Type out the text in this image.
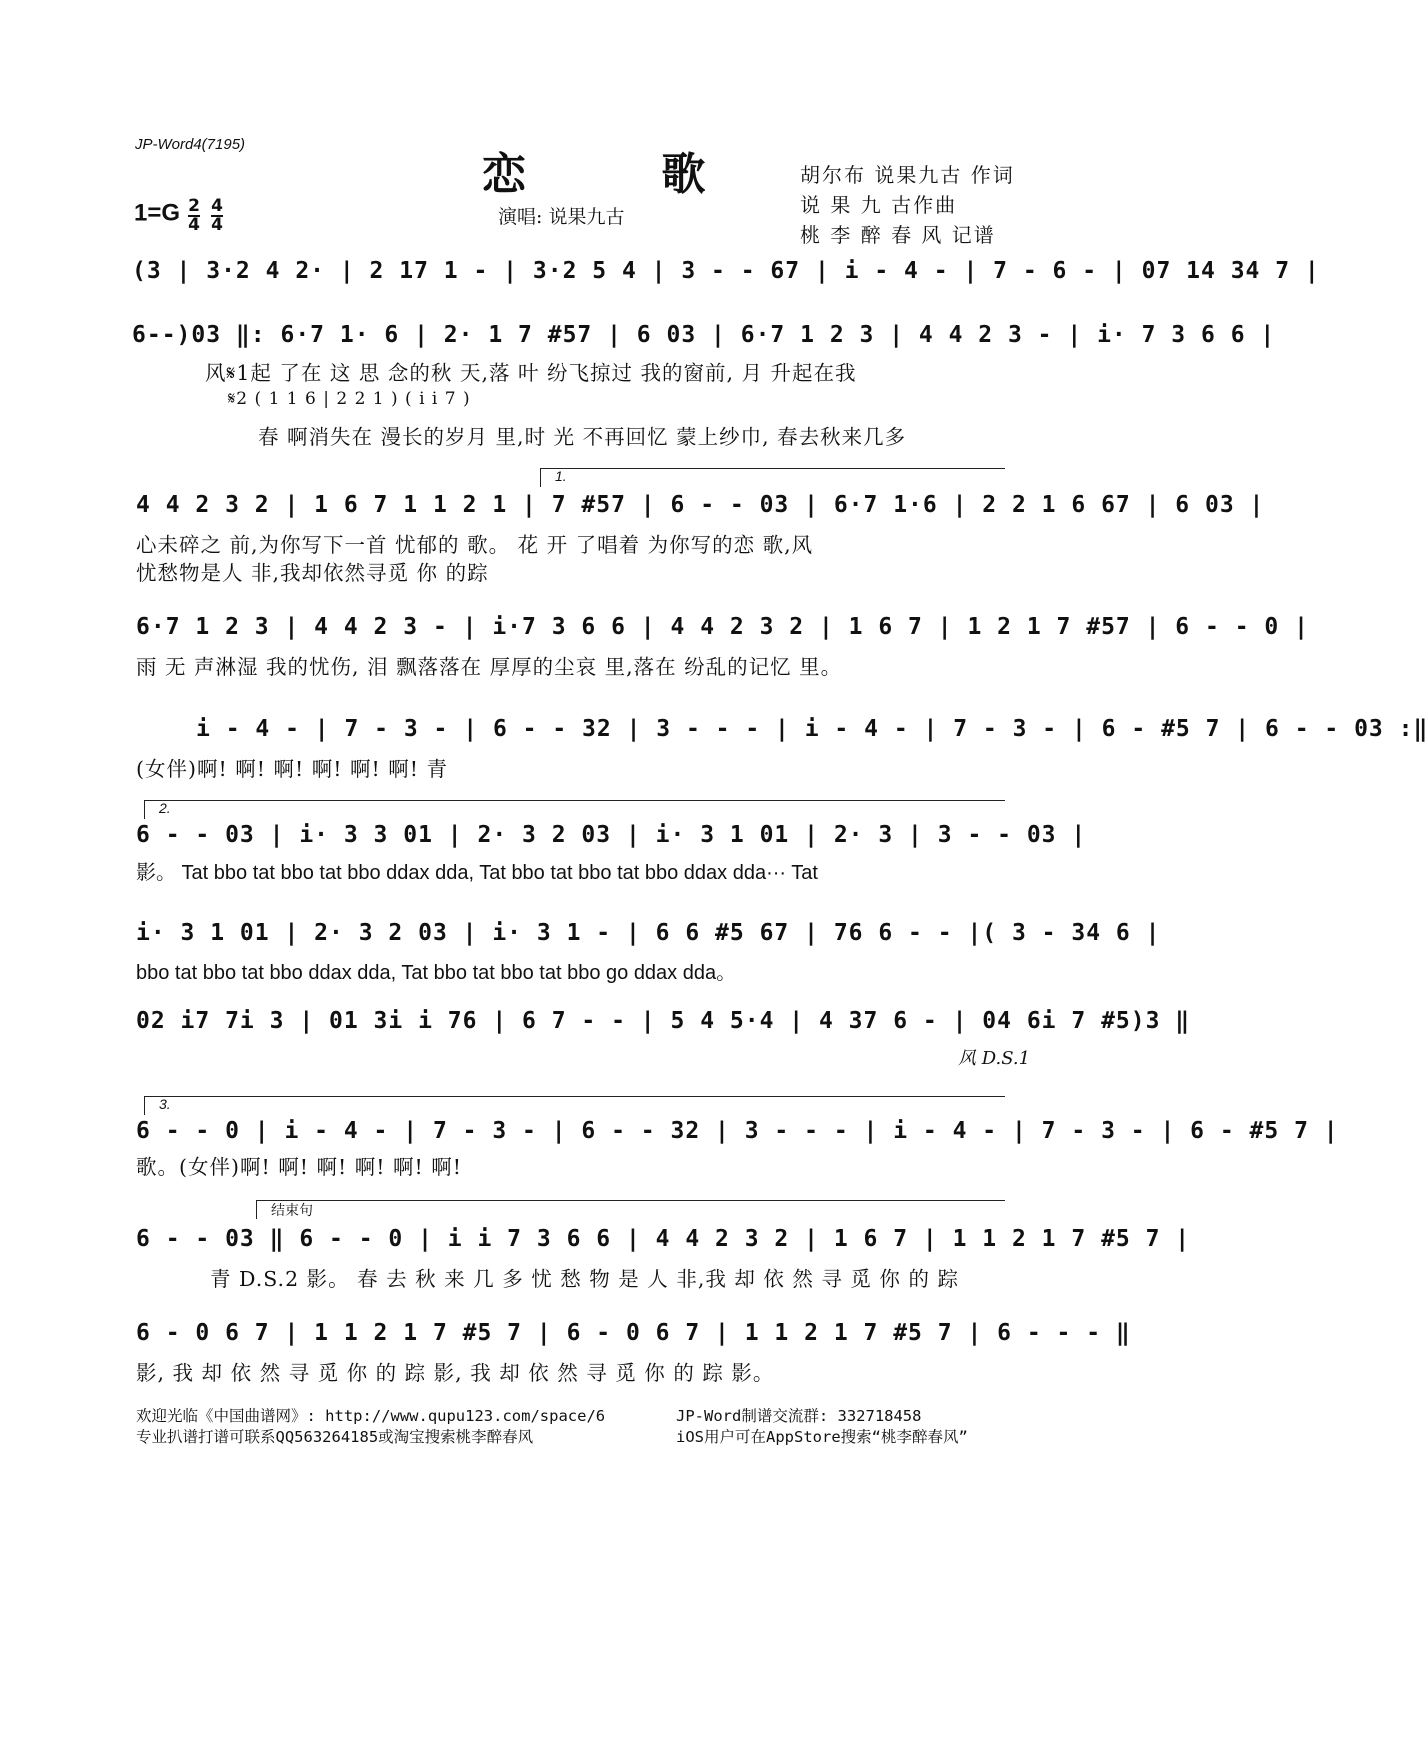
JP-Word4(7195)
恋 歌
$1=G \frac{2}{4} \frac{4}{4}$	演唱: 说果九古
胡尔布 说果九古 作词
说 果 九 古作曲
桃 李 醉 春 风 记谱
(3 | 3·2 4 2· | 2 17 1 - | 3·2 5 4 | 3 - - 67 | i - 4 - | 7 - 6 - | 07 14 34 7 |
6--)03 ‖: 6·7 1· 6 | 2· 1 7 #57 | 6 03 | 6·7 1 2 3 | 4 4 2 3 - | i· 7 3 6 6 |
风𝄋1起 了在 这 思 念的秋 天,落 叶 纷飞掠过 我的窗前, 月 升起在我
𝄋2 ( 1 1 6 | 2 2 1 ) ( i i 7 )
春 啊消失在 漫长的岁月 里,时 光 不再回忆 蒙上纱巾, 春去秋来几多
1.
4 4 2 3 2 | 1 6 7 1 1 2 1 | 7 #57 | 6 - - 03 | 6·7 1·6 | 2 2 1 6 67 | 6 03 |
心未碎之 前,为你写下一首 忧郁的 歌。 花 开 了唱着 为你写的恋 歌,风
忧愁物是人 非,我却依然寻觅 你 的踪
6·7 1 2 3 | 4 4 2 3 - | i·7 3 6 6 | 4 4 2 3 2 | 1 6 7 | 1 2 1 7 #57 | 6 - - 0 |
雨 无 声淋湿 我的忧伤, 泪 飘落落在 厚厚的尘哀 里,落在 纷乱的记忆 里。
i - 4 - | 7 - 3 - | 6 - - 32 | 3 - - - | i - 4 - | 7 - 3 - | 6 - #5 7 | 6 - - 03 :‖
(女伴)啊! 啊! 啊! 啊! 啊! 啊! 青
2.
6 - - 03 | i· 3 3 01 | 2· 3 2 03 | i· 3 1 01 | 2· 3 | 3 - - 03 |
影。 Tat bbo tat bbo tat bbo ddax dda, Tat bbo tat bbo tat bbo ddax dda··· Tat
i· 3 1 01 | 2· 3 2 03 | i· 3 1 - | 6 6 #5 67 | 76 6 - - |( 3 - 34 6 |
bbo tat bbo tat bbo ddax dda, Tat bbo tat bbo tat bbo go ddax dda。
02 i7 7i 3 | 01 3i i 76 | 6 7 - - | 5 4 5·4 | 4 37 6 - | 04 6i 7 #5)3 ‖
风 D.S.1
3.
6 - - 0 | i - 4 - | 7 - 3 - | 6 - - 32 | 3 - - - | i - 4 - | 7 - 3 - | 6 - #5 7 |
歌。(女伴)啊! 啊! 啊! 啊! 啊! 啊!
结束句
6 - - 03 ‖ 6 - - 0 | i i 7 3 6 6 | 4 4 2 3 2 | 1 6 7 | 1 1 2 1 7 #5 7 |
青 D.S.2 影。 春 去 秋 来 几 多 忧 愁 物 是 人 非,我 却 依 然 寻 觅 你 的 踪
6 - 0 6 7 | 1 1 2 1 7 #5 7 | 6 - 0 6 7 | 1 1 2 1 7 #5 7 | 6 - - - ‖
影, 我 却 依 然 寻 觅 你 的 踪 影, 我 却 依 然 寻 觅 你 的 踪 影。
欢迎光临《中国曲谱网》: http://www.qupu123.com/space/6
专业扒谱打谱可联系QQ563264185或淘宝搜索桃李醉春风
JP-Word制谱交流群: 332718458
iOS用户可在AppStore搜索“桃李醉春风”
